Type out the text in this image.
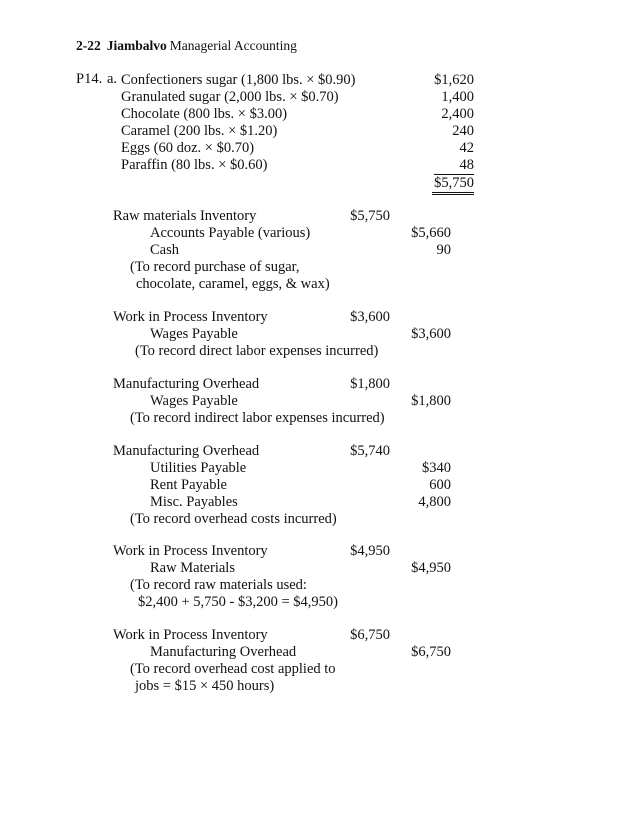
2-22 Jiambalvo Managerial Accounting
P14. a. Confectioners sugar (1,800 lbs. × $0.90)	$1,620
Granulated sugar (2,000 lbs. × $0.70)	1,400
Chocolate (800 lbs. × $3.00)	2,400
Caramel (200 lbs. × $1.20)	240
Eggs (60 doz. × $0.70)	42
Paraffin (80 lbs. × $0.60)	48
$5,750
Raw materials Inventory	$5,750
Accounts Payable (various)	$5,660
Cash	90
(To record purchase of sugar,
chocolate, caramel, eggs, & wax)
Work in Process Inventory	$3,600
Wages Payable	$3,600
(To record direct labor expenses incurred)
Manufacturing Overhead	$1,800
Wages Payable	$1,800
(To record indirect labor expenses incurred)
Manufacturing Overhead	$5,740
Utilities Payable	$340
Rent Payable	600
Misc. Payables	4,800
(To record overhead costs incurred)
Work in Process Inventory	$4,950
Raw Materials	$4,950
(To record raw materials used:
$2,400 + 5,750 - $3,200 = $4,950)
Work in Process Inventory	$6,750
Manufacturing Overhead	$6,750
(To record overhead cost applied to
jobs = $15 × 450 hours)
